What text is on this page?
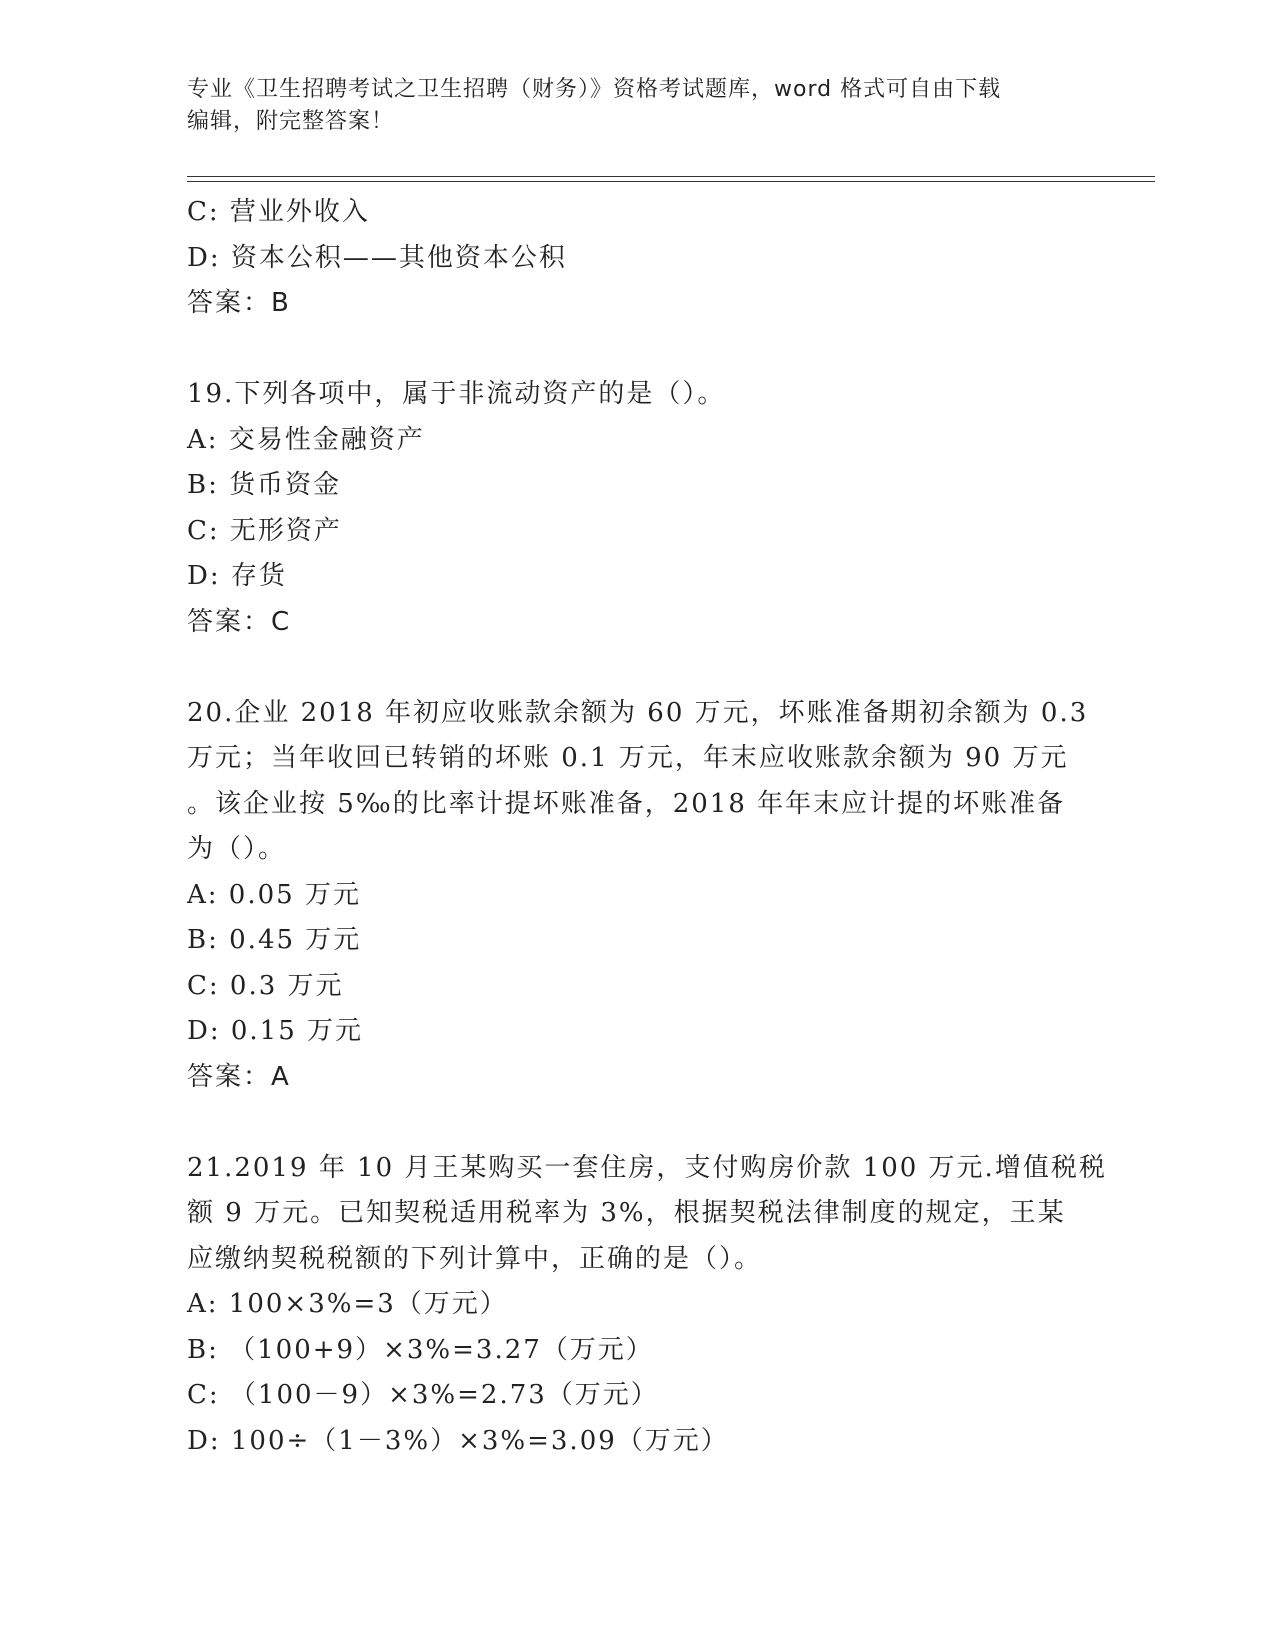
专业《卫生招聘考试之卫生招聘（财务）》资格考试题库，word 格式可自由下载
编辑，附完整答案！
C: 营业外收入
D: 资本公积——其他资本公积
答案：B
19.下列各项中，属于非流动资产的是（）。
A: 交易性金融资产
B: 货币资金
C: 无形资产
D: 存货
答案：C
20.企业 2018 年初应收账款余额为 60 万元，坏账准备期初余额为 0.3
万元；当年收回已转销的坏账 0.1 万元，年末应收账款余额为 90 万元
。该企业按 5‰的比率计提坏账准备，2018 年年末应计提的坏账准备
为（）。
A: 0.05 万元
B: 0.45 万元
C: 0.3 万元
D: 0.15 万元
答案：A
21.2019 年 10 月王某购买一套住房，支付购房价款 100 万元.增值税税
额 9 万元。已知契税适用税率为 3%，根据契税法律制度的规定，王某
应缴纳契税税额的下列计算中，正确的是（）。
A: 100×3%=3（万元）
B: （100+9）×3%=3.27（万元）
C: （100－9）×3%=2.73（万元）
D: 100÷（1－3%）×3%=3.09（万元）
